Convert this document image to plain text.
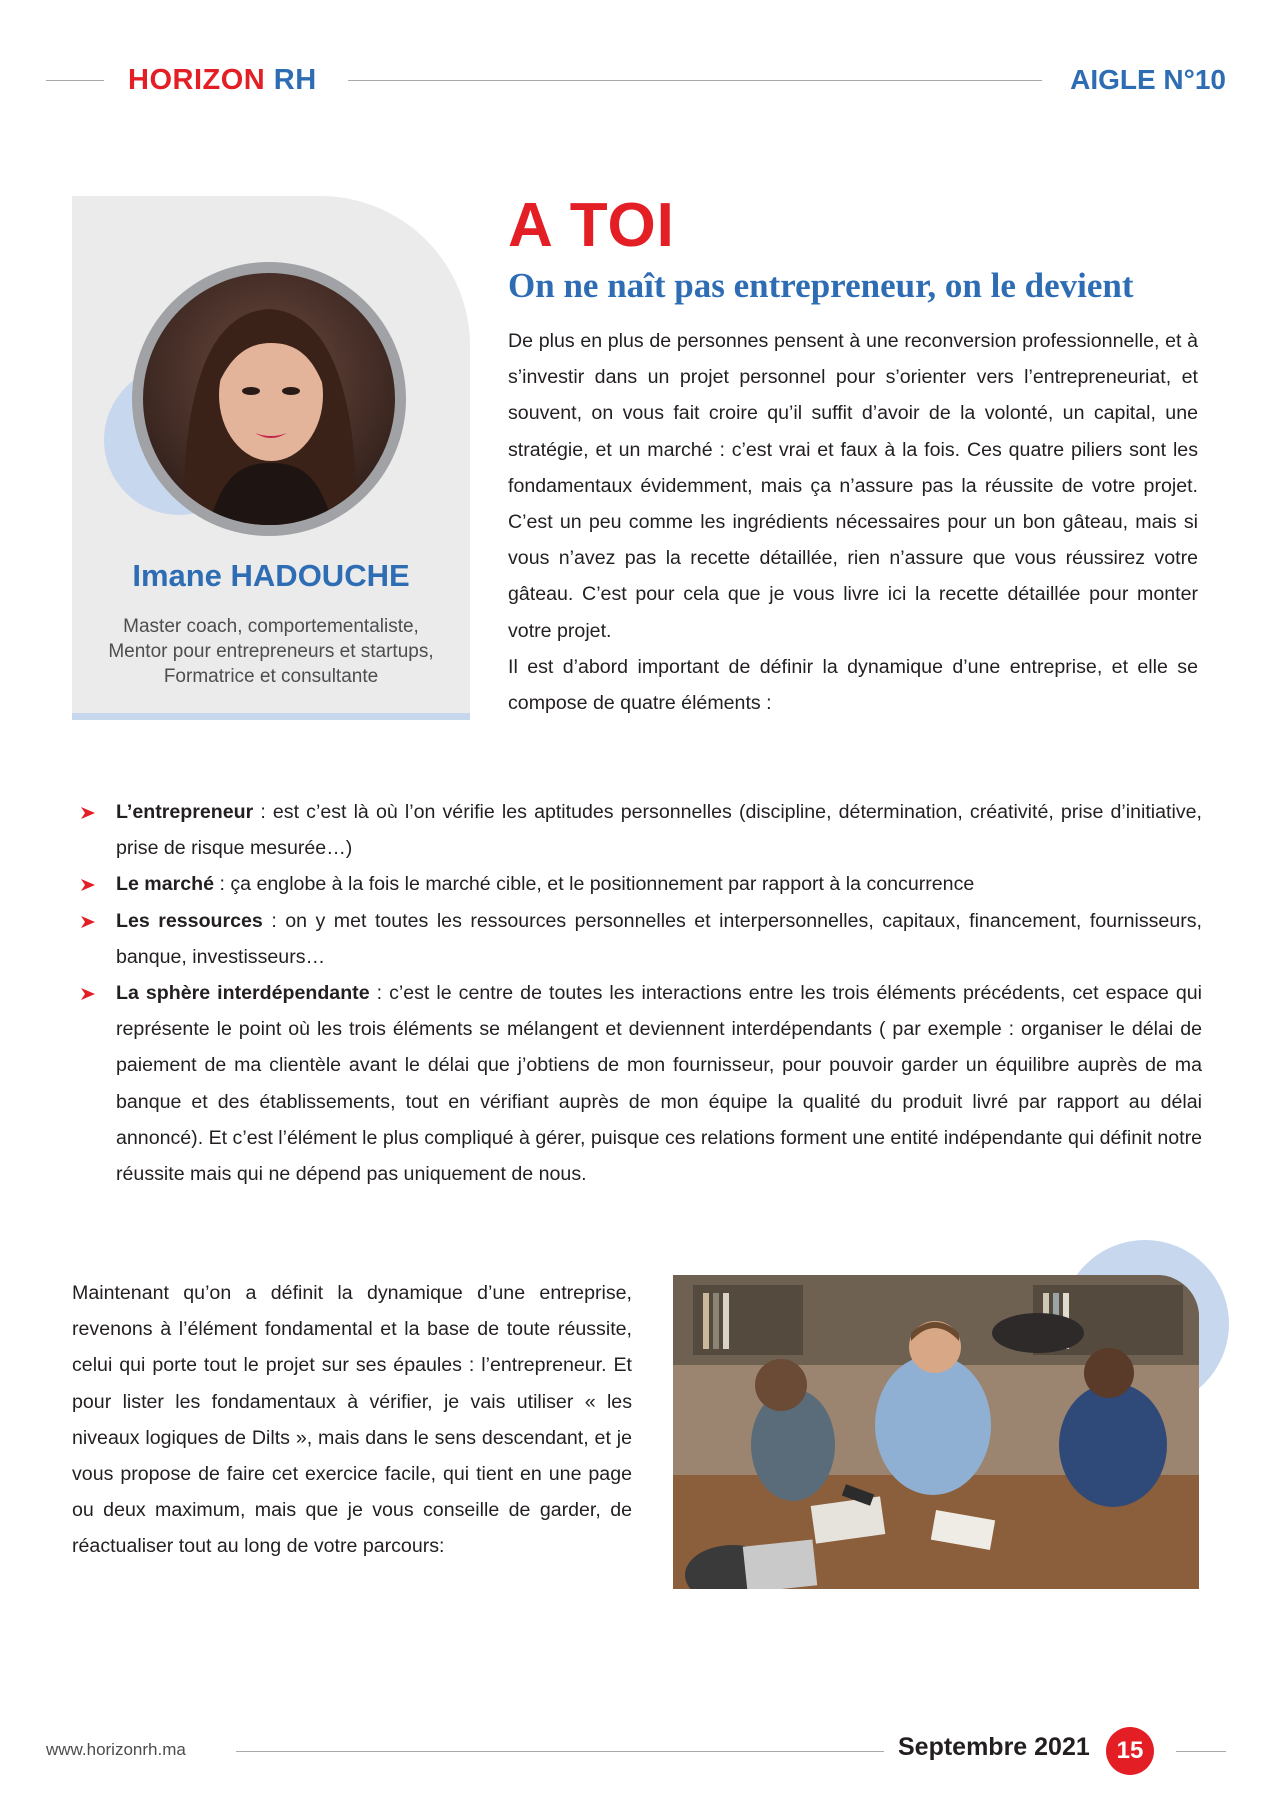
HORIZON RH	AIGLE N°10
Imane HADOUCHE
Master coach, comportementaliste,
Mentor pour entrepreneurs et startups,
Formatrice et consultante
A TOI
On ne naît pas entrepreneur, on le devient

De plus en plus de personnes pensent à une reconversion professionnelle, et à s’investir dans un projet personnel pour s’orienter vers l’entrepreneuriat, et souvent, on vous fait croire qu’il suffit d’avoir de la volonté, un capital, une stratégie, et un marché : c’est vrai et faux à la fois. Ces quatre piliers sont les fondamentaux évidemment, mais ça n’assure pas la réussite de votre projet. C’est un peu comme les ingrédients nécessaires pour un bon gâteau, mais si vous n’avez pas la recette détaillée, rien n’assure que vous réussirez votre gâteau. C’est pour cela que je vous livre ici la recette détaillée pour monter votre projet.

Il est d’abord important de définir la dynamique d’une entreprise, et elle se compose de quatre éléments :

L’entrepreneur : est c’est là où l’on vérifie les aptitudes personnelles (discipline, détermination, créativité, prise d’initiative, prise de risque mesurée…)
Le marché : ça englobe à la fois le marché cible, et le positionnement par rapport à la concurrence
Les ressources : on y met toutes les ressources personnelles et interpersonnelles, capitaux, financement, fournisseurs, banque, investisseurs…
La sphère interdépendante : c’est le centre de toutes les interactions entre les trois éléments précédents, cet espace qui représente le point où les trois éléments se mélangent et deviennent interdépendants ( par exemple : organiser le délai de paiement de ma clientèle avant le délai que j’obtiens de mon fournisseur, pour pouvoir garder un équilibre auprès de ma banque et des établissements, tout en vérifiant auprès de mon équipe la qualité du produit livré par rapport au délai annoncé). Et c’est l’élément le plus compliqué à gérer, puisque ces relations forment une entité indépendante qui définit notre réussite mais qui ne dépend pas uniquement de nous.
Maintenant qu’on a définit la dynamique d’une entreprise, revenons à l’élément fondamental et la base de toute réussite, celui qui porte tout le projet sur ses épaules : l’entrepreneur. Et pour lister les fondamentaux à vérifier, je vais utiliser « les niveaux logiques de Dilts », mais dans le sens descendant, et je vous propose de faire cet exercice facile, qui tient en une page ou deux maximum, mais que je vous conseille de garder, de réactualiser tout au long de votre parcours:
www.horizonrh.ma	Septembre 2021	15
